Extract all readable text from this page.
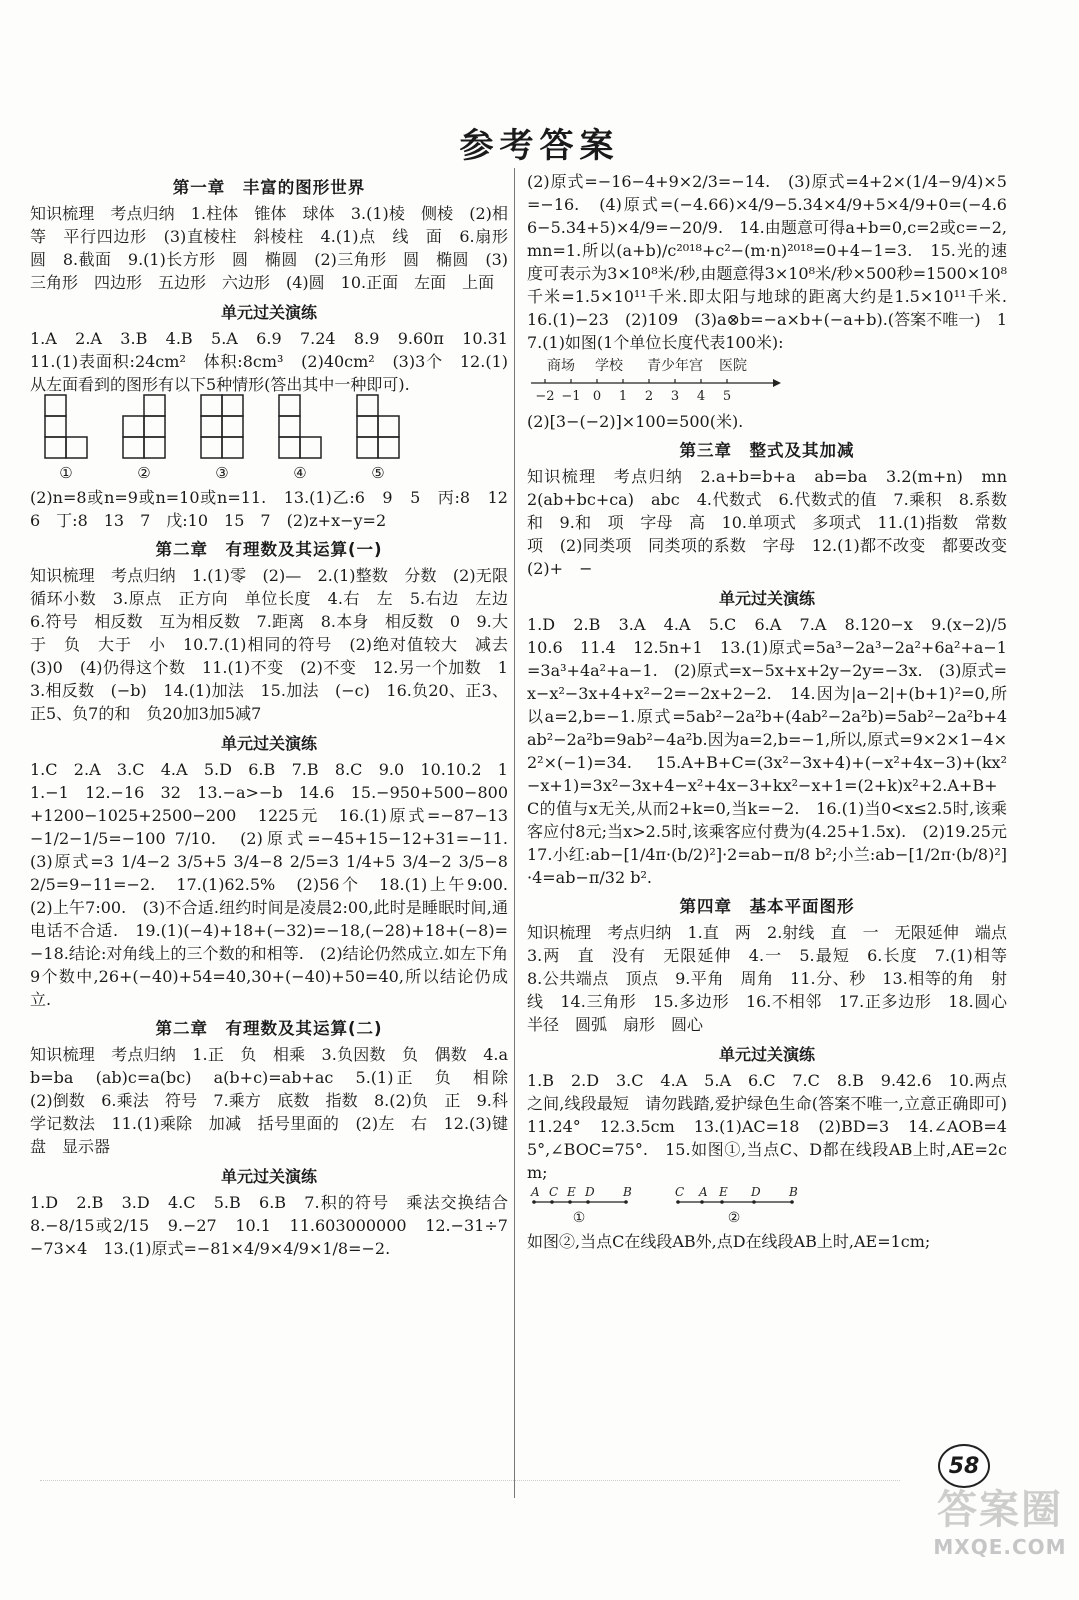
参考答案
第一章　丰富的图形世界

知识梳理　考点归纳　1.柱体　锥体　球体　3.(1)棱　侧棱　(2)相等　平行四边形　(3)直棱柱　斜棱柱　4.(1)点　线　面　6.扇形　圆　8.截面　9.(1)长方形　圆　椭圆　(2)三角形　圆　椭圆　(3)三角形　四边形　五边形　六边形　(4)圆　10.正面　左面　上面

单元过关演练

1.A　2.A　3.B　4.B　5.A　6.9　7.24　8.9　9.60π　10.31　11.(1)表面积:24cm²　体积:8cm³　(2)40cm²　(3)3个　12.(1)从左面看到的图形有以下5种情形(答出其中一种即可).

①	②	③	④	⑤

(2)n=8或n=9或n=10或n=11.　13.(1)乙:6　9　5　丙:8　12　6　丁:8　13　7　戊:10　15　7　(2)z+x−y=2

第二章　有理数及其运算(一)

知识梳理　考点归纳　1.(1)零　(2)—　2.(1)整数　分数　(2)无限循环小数　3.原点　正方向　单位长度　4.右　左　5.右边　左边　6.符号　相反数　互为相反数　7.距离　8.本身　相反数　0　9.大于　负　大于　小　10.7.(1)相同的符号　(2)绝对值较大　减去　(3)0　(4)仍得这个数　11.(1)不变　(2)不变　12.另一个加数　13.相反数　(−b)　14.(1)加法　15.加法　(−c)　16.负20、正3、正5、负7的和　负20加3加5减7

单元过关演练

1.C　2.A　3.C　4.A　5.D　6.B　7.B　8.C　9.0　10.10.2　11.−1　12.−16　32　13.−a>−b　14.6　15.−950+500−800+1200−1025+2500−200　1225元　16.(1)原式=−87−13−1/2−1/5=−100 7/10.　(2)原式=−45+15−12+31=−11.　(3)原式=3 1/4−2 3/5+5 3/4−8 2/5=3 1/4+5 3/4−2 3/5−8 2/5=9−11=−2.　17.(1)62.5%　(2)56个　18.(1)上午9:00.　(2)上午7:00.　(3)不合适.纽约时间是凌晨2:00,此时是睡眠时间,通电话不合适.　19.(1)(−4)+18+(−32)=−18,(−28)+18+(−8)=−18.结论:对角线上的三个数的和相等.　(2)结论仍然成立.如左下角9个数中,26+(−40)+54=40,30+(−40)+50=40,所以结论仍成立.

第二章　有理数及其运算(二)

知识梳理　考点归纳　1.正　负　相乘　3.负因数　负　偶数　4.ab=ba　(ab)c=a(bc)　a(b+c)=ab+ac　5.(1)正　负　相除　(2)倒数　6.乘法　符号　7.乘方　底数　指数　8.(2)负　正　9.科学记数法　11.(1)乘除　加减　括号里面的　(2)左　右　12.(3)键盘　显示器

单元过关演练

1.D　2.B　3.D　4.C　5.B　6.B　7.积的符号　乘法交换结合　8.−8/15或2/15　9.−27　10.1　11.603000000　12.−31÷7−73×4　13.(1)原式=−81×4/9×4/9×1/8=−2.

(2)原式=−16−4+9×2/3=−14.　(3)原式=4+2×(1/4−9/4)×5=−16.　(4)原式=(−4.66)×4/9−5.34×4/9+5×4/9+0=(−4.66−5.34+5)×4/9=−20/9.　14.由题意可得a+b=0,c=2或c=−2,mn=1.所以(a+b)/c²⁰¹⁸+c²−(m·n)²⁰¹⁸=0+4−1=3.　15.光的速度可表示为3×10⁸米/秒,由题意得3×10⁸米/秒×500秒=1500×10⁸千米=1.5×10¹¹千米.即太阳与地球的距离大约是1.5×10¹¹千米.　16.(1)−23　(2)109　(3)a⊗b=−a×b+(−a+b).(答案不唯一)　17.(1)如图(1个单位长度代表100米):

商场 学校 青少年宫 医院
−2 −1 0 1 2 3 4 5

(2)[3−(−2)]×100=500(米).

第三章　整式及其加减

知识梳理　考点归纳　2.a+b=b+a　ab=ba　3.2(m+n)　mn　2(ab+bc+ca)　abc　4.代数式　6.代数式的值　7.乘积　8.系数　和　9.和　项　字母　高　10.单项式　多项式　11.(1)指数　常数项　(2)同类项　同类项的系数　字母　12.(1)都不改变　都要改变　(2)+　−

单元过关演练

1.D　2.B　3.A　4.A　5.C　6.A　7.A　8.120−x　9.(x−2)/5　10.6　11.4　12.5n+1　13.(1)原式=5a³−2a³−2a²+6a²+a−1=3a³+4a²+a−1.　(2)原式=x−5x+x+2y−2y=−3x.　(3)原式=x−x²−3x+4+x²−2=−2x+2−2.　14.因为|a−2|+(b+1)²=0,所以a=2,b=−1.原式=5ab²−2a²b+(4ab²−2a²b)=5ab²−2a²b+4ab²−2a²b=9ab²−4a²b.因为a=2,b=−1,所以,原式=9×2×1−4×2²×(−1)=34.　15.A+B+C=(3x²−3x+4)+(−x²+4x−3)+(kx²−x+1)=3x²−3x+4−x²+4x−3+kx²−x+1=(2+k)x²+2.A+B+C的值与x无关,从而2+k=0,当k=−2.　16.(1)当0<x≤2.5时,该乘客应付8元;当x>2.5时,该乘客应付费为(4.25+1.5x).　(2)19.25元　17.小红:ab−[1/4π·(b/2)²]·2=ab−π/8 b²;小兰:ab−[1/2π·(b/8)²]·4=ab−π/32 b².

第四章　基本平面图形

知识梳理　考点归纳　1.直　两　2.射线　直　一　无限延伸　端点　3.两　直　没有　无限延伸　4.一　5.最短　6.长度　7.(1)相等　8.公共端点　顶点　9.平角　周角　11.分、秒　13.相等的角　射线　14.三角形　15.多边形　16.不相邻　17.正多边形　18.圆心　半径　圆弧　扇形　圆心

单元过关演练

1.B　2.D　3.C　4.A　5.A　6.C　7.C　8.B　9.42.6　10.两点之间,线段最短　请勿践踏,爱护绿色生命(答案不唯一,立意正确即可)　11.24°　12.3.5cm　13.(1)AC=18　(2)BD=3　14.∠AOB=45°,∠BOC=75°.　15.如图①,当点C、D都在线段AB上时,AE=2cm;

A C E D B	C A E D B
①	②

如图②,当点C在线段AB外,点D在线段AB上时,AE=1cm;

58
答案圈
MXQE.COM
